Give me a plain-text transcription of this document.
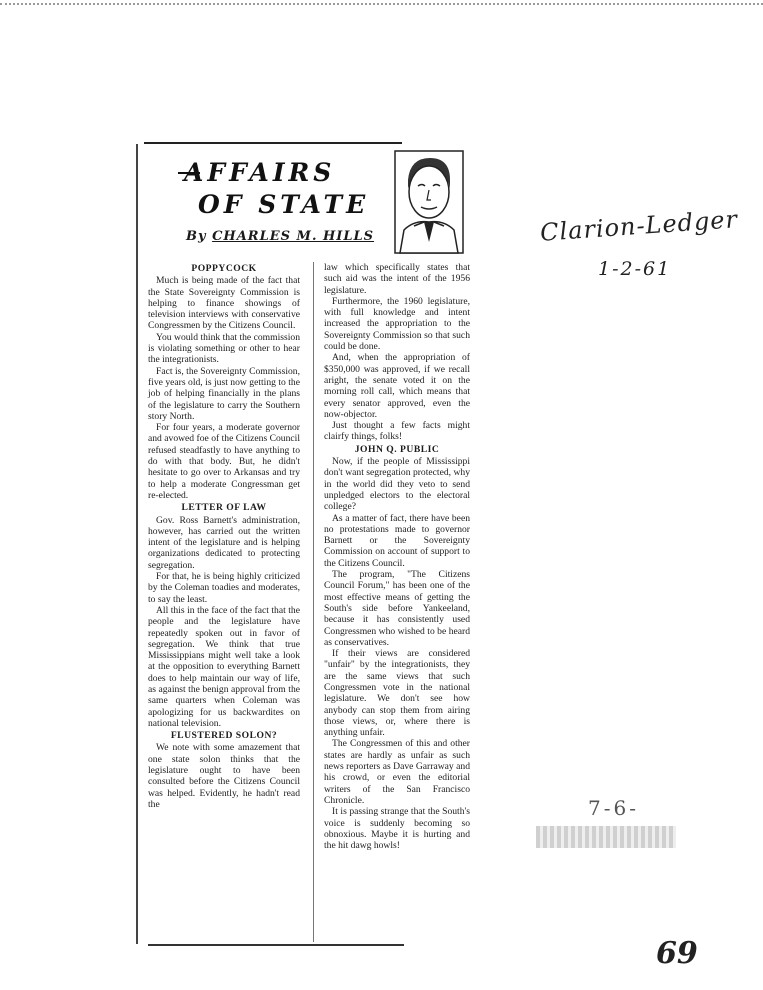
AFFAIRS
OF STATE
By CHARLES M. HILLS

POPPYCOCK

Much is being made of the fact that the State Sovereignty Commission is helping to finance showings of television interviews with conservative Congressmen by the Citizens Council.

You would think that the commission is violating something or other to hear the integrationists.

Fact is, the Sovereignty Commission, five years old, is just now getting to the job of helping financially in the plans of the legislature to carry the Southern story North.

For four years, a moderate governor and avowed foe of the Citizens Council refused steadfastly to have anything to do with that body. But, he didn't hesitate to go over to Arkansas and try to help a moderate Congressman get re-elected.

LETTER OF LAW

Gov. Ross Barnett's administration, however, has carried out the written intent of the legislature and is helping organizations dedicated to protecting segregation.

For that, he is being highly criticized by the Coleman toadies and moderates, to say the least.

All this in the face of the fact that the people and the legislature have repeatedly spoken out in favor of segregation. We think that true Mississippians might well take a look at the opposition to everything Barnett does to help maintain our way of life, as against the benign approval from the same quarters when Coleman was apologizing for us backwardites on national television.

FLUSTERED SOLON?

We note with some amazement that one state solon thinks that the legislature ought to have been consulted before the Citizens Council was helped. Evidently, he hadn't read the

law which specifically states that such aid was the intent of the 1956 legislature.

Furthermore, the 1960 legislature, with full knowledge and intent increased the appropriation to the Sovereignty Commission so that such could be done.

And, when the appropriation of $350,000 was approved, if we recall aright, the senate voted it on the morning roll call, which means that every senator approved, even the now-objector.

Just thought a few facts might clairfy things, folks!

JOHN Q. PUBLIC

Now, if the people of Mississippi don't want segregation protected, why in the world did they veto to send unpledged electors to the electoral college?

As a matter of fact, there have been no protestations made to governor Barnett or the Sovereignty Commission on account of support to the Citizens Council.

The program, "The Citizens Council Forum," has been one of the most effective means of getting the South's side before Yankeeland, because it has consistently used Congressmen who wished to be heard as conservatives.

If their views are considered "unfair" by the integrationists, they are the same views that such Congressmen vote in the national legislature. We don't see how anybody can stop them from airing those views, or, where there is anything unfair.

The Congressmen of this and other states are hardly as unfair as such news reporters as Dave Garraway and his crowd, or even the editorial writers of the San Francisco Chronicle.

It is passing strange that the South's voice is suddenly becoming so obnoxious. Maybe it is hurting and the hit dawg howls!

Clarion-Ledger
1-2-61
7-6-
69
